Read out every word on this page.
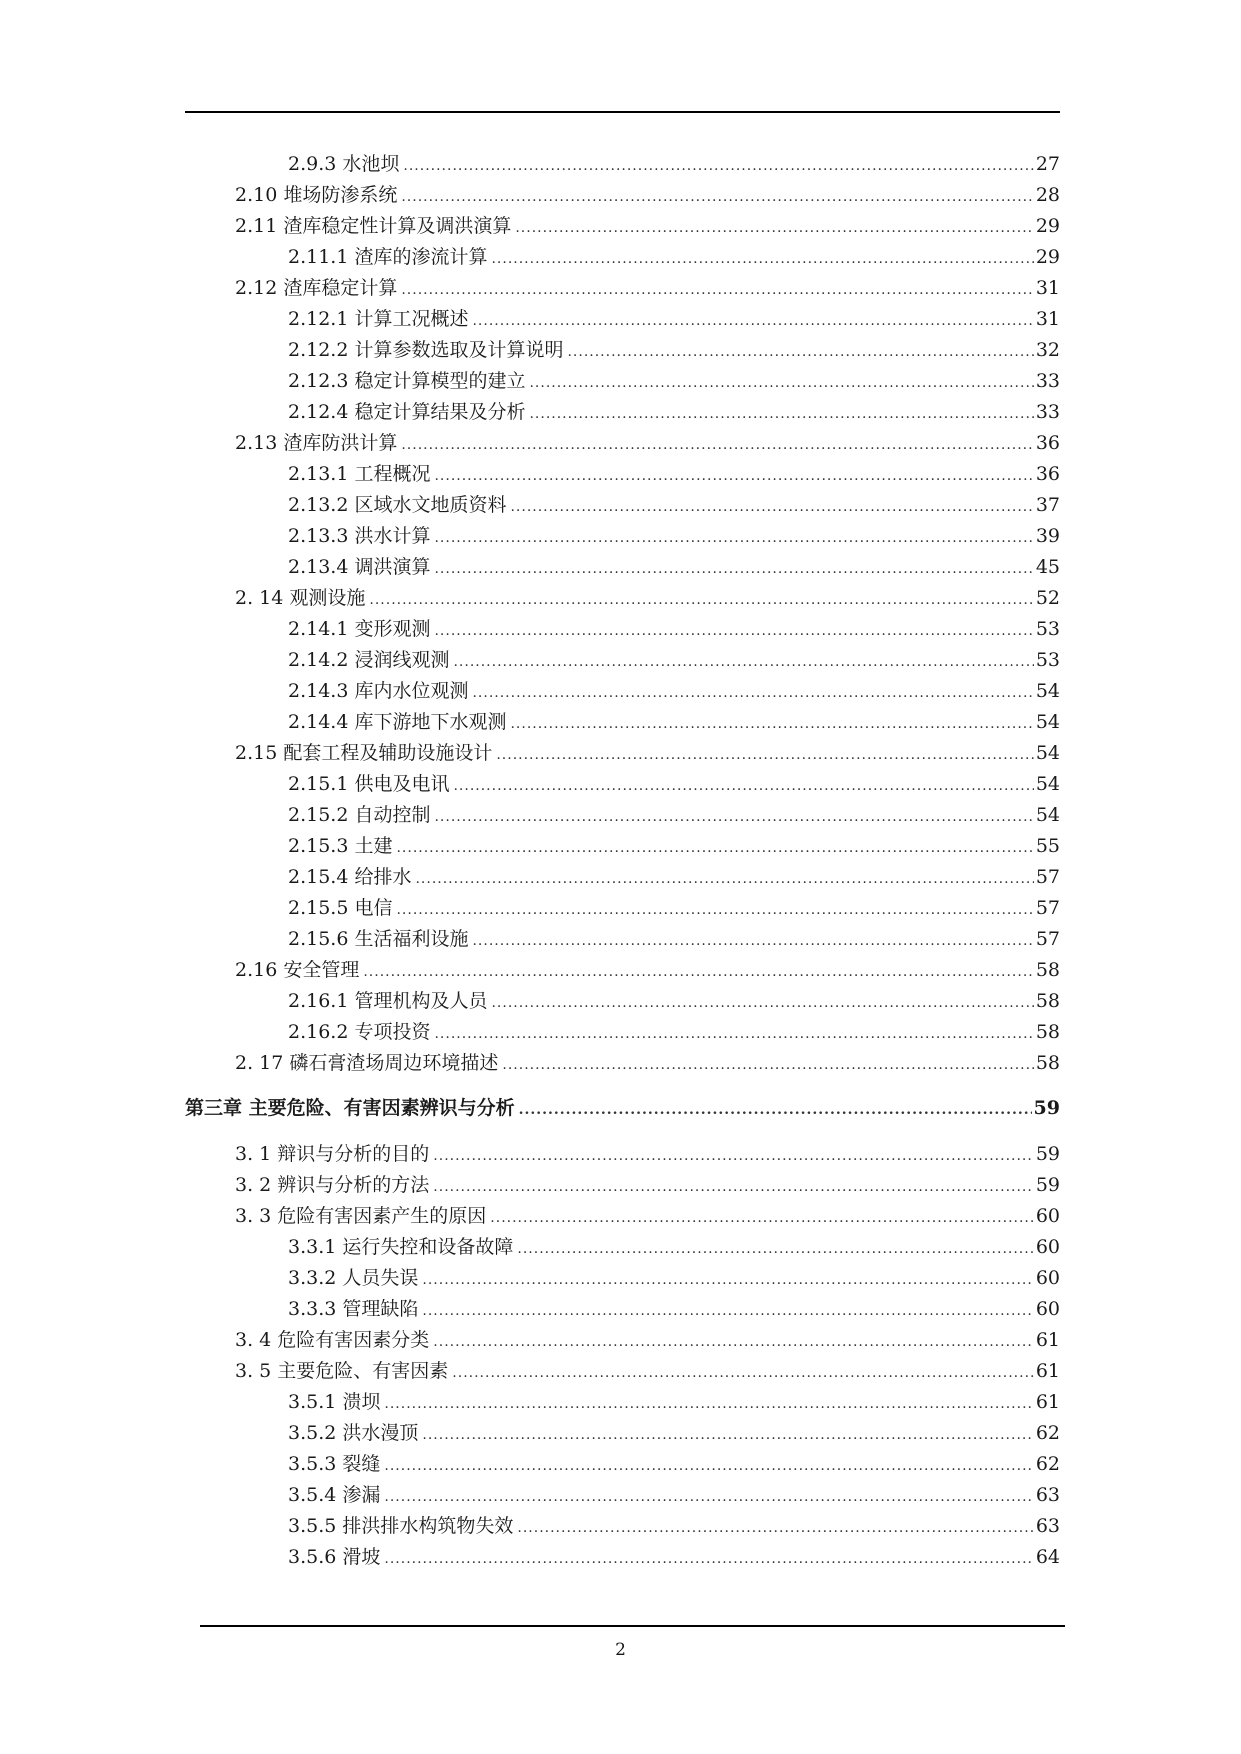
2.9.3 水池坝 .....	27
2.10 堆场防渗系统 .....	28
2.11 渣库稳定性计算及调洪演算 .....	29
2.11.1 渣库的渗流计算 .....	29
2.12 渣库稳定计算 .....	31
2.12.1 计算工况概述 .....	31
2.12.2 计算参数选取及计算说明 .....	32
2.12.3 稳定计算模型的建立 .....	33
2.12.4 稳定计算结果及分析 .....	33
2.13 渣库防洪计算 .....	36
2.13.1 工程概况 .....	36
2.13.2 区域水文地质资料 .....	37
2.13.3 洪水计算 .....	39
2.13.4 调洪演算 .....	45
2. 14 观测设施 .....	52
2.14.1 变形观测 .....	53
2.14.2 浸润线观测 .....	53
2.14.3 库内水位观测 .....	54
2.14.4 库下游地下水观测 .....	54
2.15 配套工程及辅助设施设计 .....	54
2.15.1 供电及电讯 .....	54
2.15.2 自动控制 .....	54
2.15.3 土建 .....	55
2.15.4 给排水 .....	57
2.15.5 电信 .....	57
2.15.6 生活福利设施 .....	57
2.16 安全管理 .....	58
2.16.1 管理机构及人员 .....	58
2.16.2 专项投资 .....	58
2. 17 磷石膏渣场周边环境描述 .....	58
第三章 主要危险、有害因素辨识与分析 .....	59
3. 1 辩识与分析的目的 .....	59
3. 2 辨识与分析的方法 .....	59
3. 3 危险有害因素产生的原因 .....	60
3.3.1 运行失控和设备故障 .....	60
3.3.2 人员失误 .....	60
3.3.3 管理缺陷 .....	60
3. 4 危险有害因素分类 .....	61
3. 5 主要危险、有害因素 .....	61
3.5.1 溃坝 .....	61
3.5.2 洪水漫顶 .....	62
3.5.3 裂缝 .....	62
3.5.4 渗漏 .....	63
3.5.5 排洪排水构筑物失效 .....	63
3.5.6 滑坡 .....	64
2
